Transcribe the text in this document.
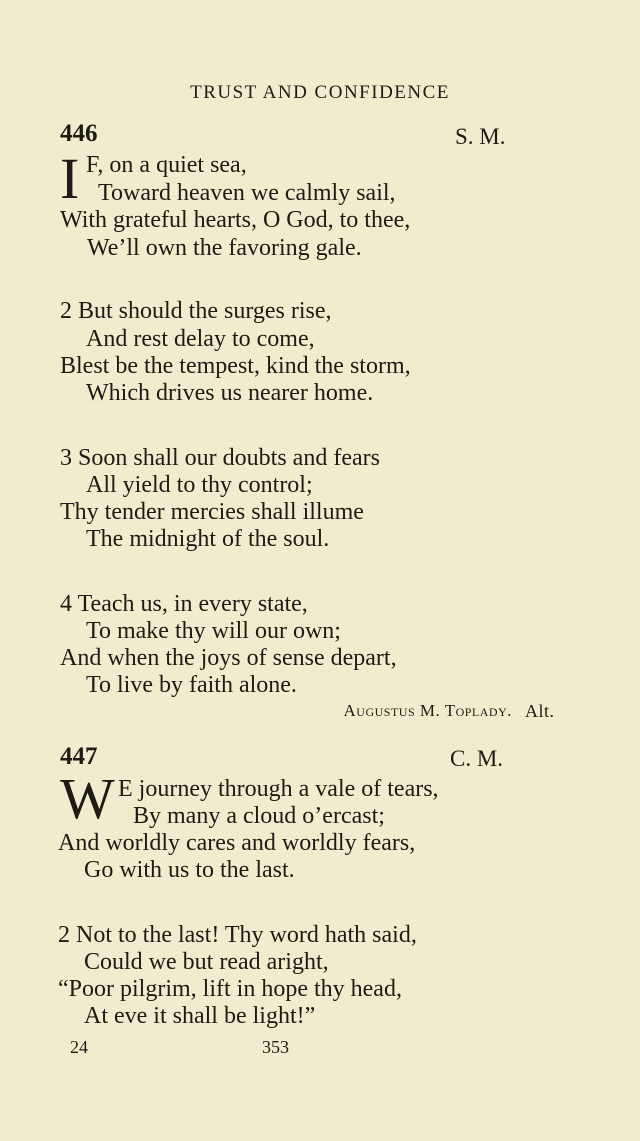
TRUST AND CONFIDENCE
446	S. M.
I F, on a quiet sea,
Toward heaven we calmly sail,
With grateful hearts, O God, to thee,
We’ll own the favoring gale.
2 But should the surges rise,
And rest delay to come,
Blest be the tempest, kind the storm,
Which drives us nearer home.
3 Soon shall our doubts and fears
All yield to thy control;
Thy tender mercies shall illume
The midnight of the soul.
4 Teach us, in every state,
To make thy will our own;
And when the joys of sense depart,
To live by faith alone.
Augustus M. Toplady. Alt.
447	C. M.
W E journey through a vale of tears,
By many a cloud o’ercast;
And worldly cares and worldly fears,
Go with us to the last.
2 Not to the last! Thy word hath said,
Could we but read aright,
“Poor pilgrim, lift in hope thy head,
At eve it shall be light!”
24	353
